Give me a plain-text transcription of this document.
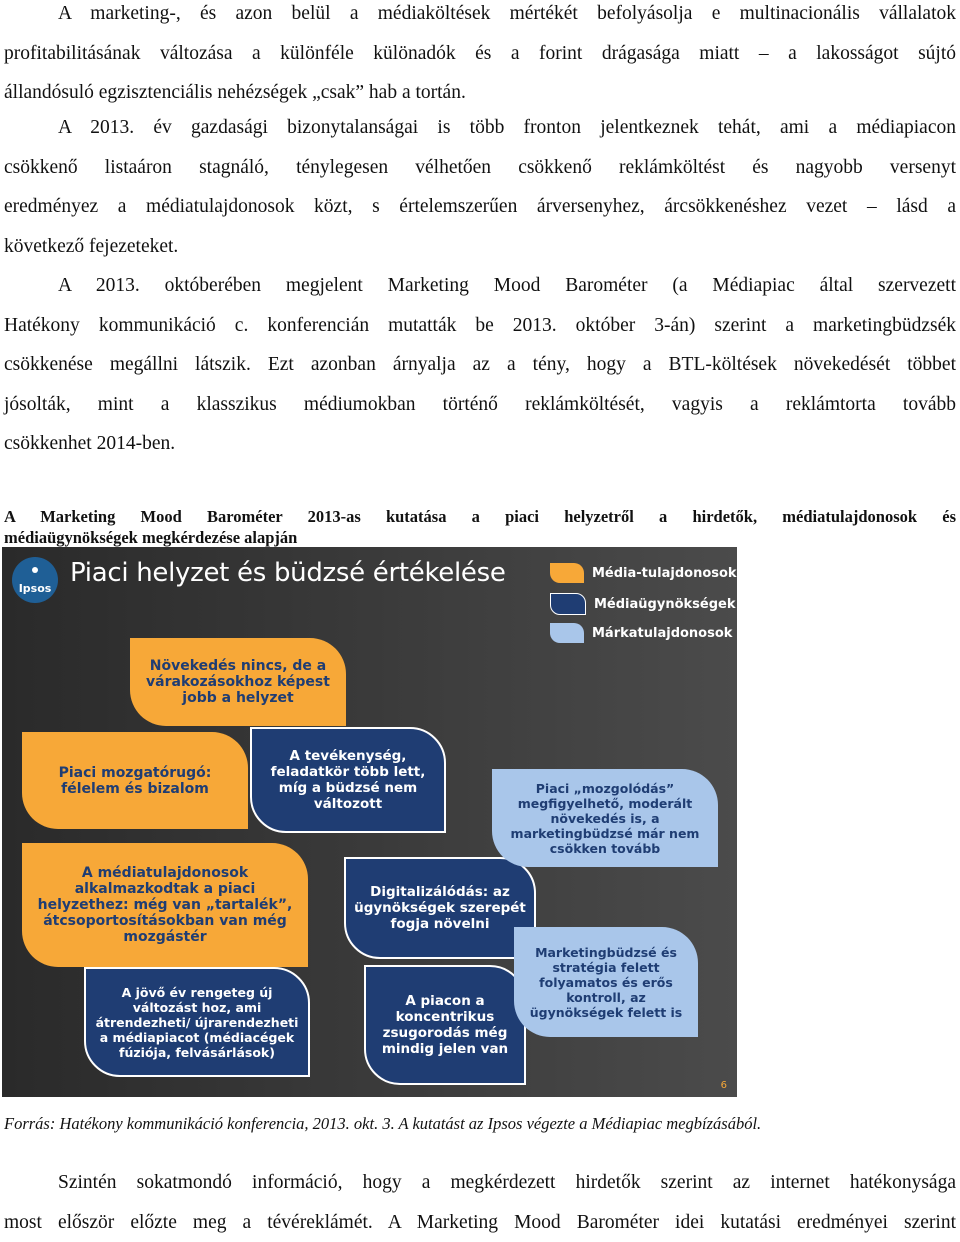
A marketing-, és azon belül a médiaköltések mértékét befolyásolja e multinacionális vállalatok
profitabilitásának változása a különféle különadók és a forint drágasága miatt – a lakosságot sújtó
állandósuló egzisztenciális nehézségek „csak” hab a tortán.
A 2013. év gazdasági bizonytalanságai is több fronton jelentkeznek tehát, ami a médiapiacon
csökkenő listaáron stagnáló, ténylegesen vélhetően csökkenő reklámköltést és nagyobb versenyt
eredményez a médiatulajdonosok közt, s értelemszerűen árversenyhez, árcsökkenéshez vezet – lásd a
következő fejezeteket.
A 2013. októberében megjelent Marketing Mood Barométer (a Médiapiac által szervezett
Hatékony kommunikáció c. konferencián mutatták be 2013. október 3-án) szerint a marketingbüdzsék
csökkenése megállni látszik. Ezt azonban árnyalja az a tény, hogy a BTL-költések növekedését többet
jósolták, mint a klasszikus médiumokban történő reklámköltését, vagyis a reklámtorta tovább
csökkenhet 2014-ben.
A Marketing Mood Barométer 2013-as kutatása a piaci helyzetről a hirdetők, médiatulajdonosok és
médiaügynökségek megkérdezése alapján
Ipsos
Piaci helyzet és büdzsé értékelése	Média-tulajdonosok
Médiaügynökségek
Márkatulajdonosok
Növekedés nincs, de a várakozásokhoz képest jobb a helyzet
Piaci mozgatórugó: félelem és bizalom
A médiatulajdonosok alkalmazkodtak a piaci helyzethez: még van „tartalék”, átcsoportosításokban van még mozgástér
A jövő év rengeteg új változást hoz, ami átrendezheti/ újrarendezheti a médiapiacot (médiacégek fúziója, felvásárlások)
A tevékenység, feladatkör több lett, míg a büdzsé nem változott
Digitalizálódás: az ügynökségek szerepét fogja növelni
A piacon a koncentrikus zsugorodás még mindig jelen van
Piaci „mozgolódás” megfigyelhető, moderált növekedés is, a marketingbüdzsé már nem csökken tovább
Marketingbüdzsé és stratégia felett folyamatos és erős kontroll, az ügynökségek felett is
6
Forrás: Hatékony kommunikáció konferencia, 2013. okt. 3. A kutatást az Ipsos végezte a Médiapiac megbízásából.
Szintén sokatmondó információ, hogy a megkérdezett hirdetők szerint az internet hatékonysága
most először előzte meg a tévéreklámét. A Marketing Mood Barométer idei kutatási eredményei szerint
